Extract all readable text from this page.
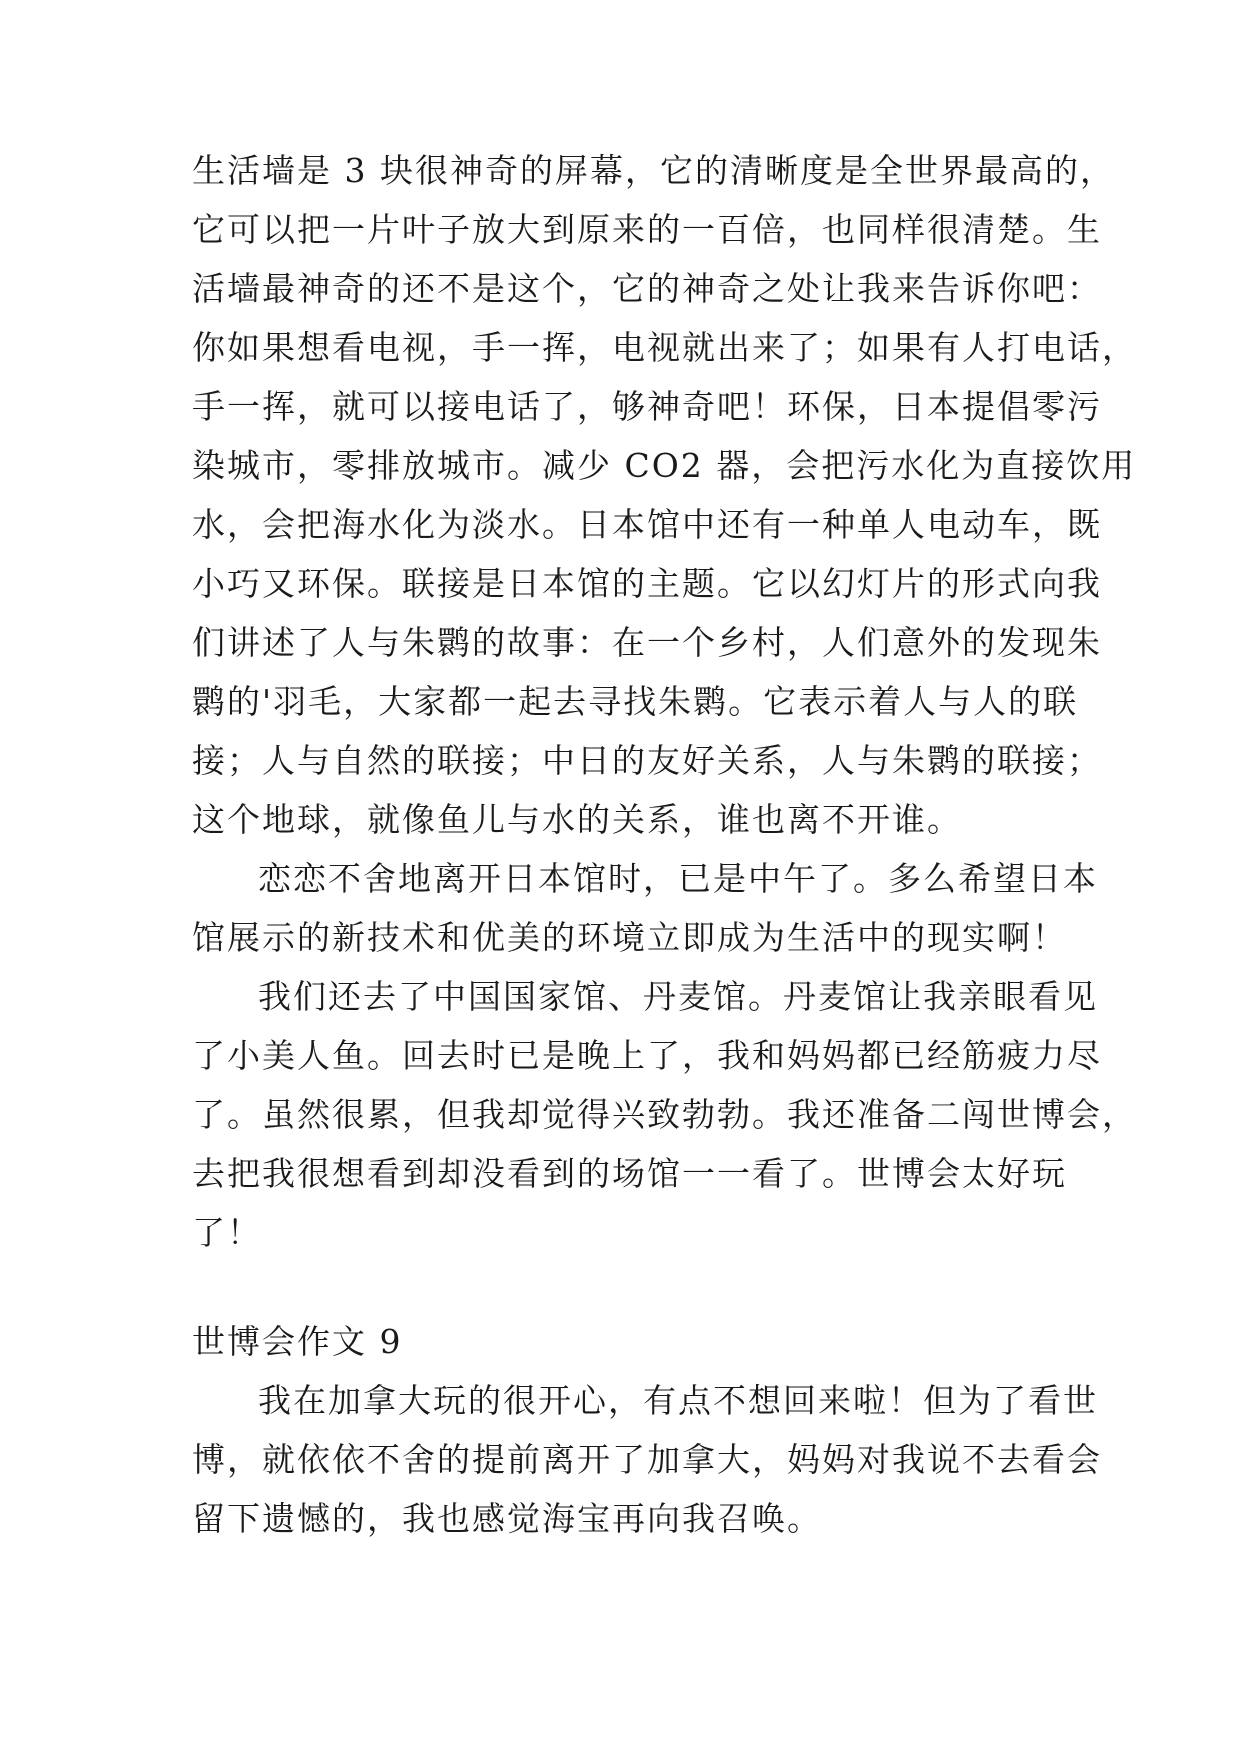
生活墙是 3 块很神奇的屏幕，它的清晰度是全世界最高的，
它可以把一片叶子放大到原来的一百倍，也同样很清楚。生
活墙最神奇的还不是这个，它的神奇之处让我来告诉你吧：
你如果想看电视，手一挥，电视就出来了；如果有人打电话，
手一挥，就可以接电话了，够神奇吧！环保，日本提倡零污
染城市，零排放城市。减少 CO2 器，会把污水化为直接饮用
水，会把海水化为淡水。日本馆中还有一种单人电动车，既
小巧又环保。联接是日本馆的主题。它以幻灯片的形式向我
们讲述了人与朱鹮的故事：在一个乡村，人们意外的发现朱
鹮的'羽毛，大家都一起去寻找朱鹮。它表示着人与人的联
接；人与自然的联接；中日的友好关系，人与朱鹮的联接；
这个地球，就像鱼儿与水的关系，谁也离不开谁。
恋恋不舍地离开日本馆时，已是中午了。多么希望日本
馆展示的新技术和优美的环境立即成为生活中的现实啊！
我们还去了中国国家馆、丹麦馆。丹麦馆让我亲眼看见
了小美人鱼。回去时已是晚上了，我和妈妈都已经筋疲力尽
了。虽然很累，但我却觉得兴致勃勃。我还准备二闯世博会，
去把我很想看到却没看到的场馆一一看了。世博会太好玩
了！
世博会作文 9
我在加拿大玩的很开心，有点不想回来啦！但为了看世
博，就依依不舍的提前离开了加拿大，妈妈对我说不去看会
留下遗憾的，我也感觉海宝再向我召唤。
